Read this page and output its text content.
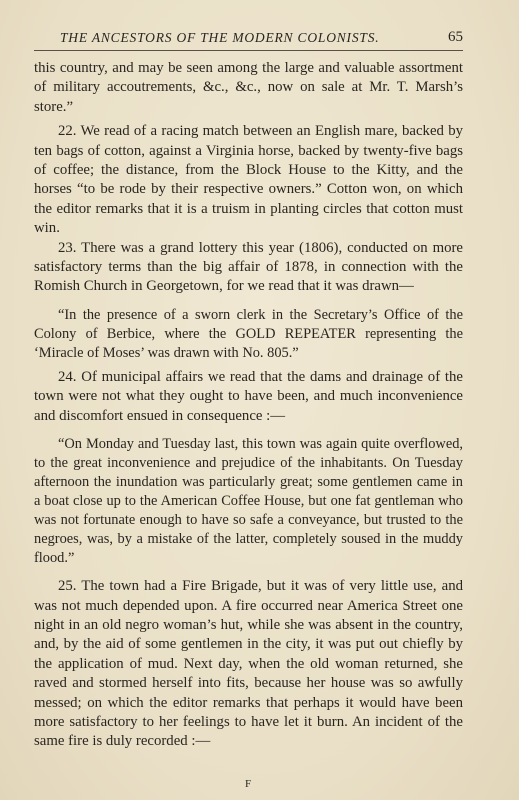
THE ANCESTORS OF THE MODERN COLONISTS.	65

this country, and may be seen among the large and valuable assortment of military accoutrements, &c., &c., now on sale at Mr. T. Marsh’s store.”

22. We read of a racing match between an English mare, backed by ten bags of cotton, against a Virginia horse, backed by twenty-five bags of coffee; the distance, from the Block House to the Kitty, and the horses “to be rode by their respective owners.” Cotton won, on which the editor remarks that it is a truism in planting circles that cotton must win.

23. There was a grand lottery this year (1806), conducted on more satisfactory terms than the big affair of 1878, in connection with the Romish Church in Georgetown, for we read that it was drawn—

“In the presence of a sworn clerk in the Secretary’s Office of the Colony of Berbice, where the GOLD REPEATER representing the ‘Miracle of Moses’ was drawn with No. 805.”

24. Of municipal affairs we read that the dams and drainage of the town were not what they ought to have been, and much inconvenience and discomfort ensued in consequence :—

“On Monday and Tuesday last, this town was again quite overflowed, to the great inconvenience and prejudice of the inhabitants. On Tuesday afternoon the inundation was particularly great; some gentlemen came in a boat close up to the American Coffee House, but one fat gentleman who was not fortunate enough to have so safe a conveyance, but trusted to the negroes, was, by a mistake of the latter, completely soused in the muddy flood.”

25. The town had a Fire Brigade, but it was of very little use, and was not much depended upon. A fire occurred near America Street one night in an old negro woman’s hut, while she was absent in the country, and, by the aid of some gentlemen in the city, it was put out chiefly by the application of mud. Next day, when the old woman returned, she raved and stormed herself into fits, because her house was so awfully messed; on which the editor remarks that perhaps it would have been more satisfactory to her feelings to have let it burn. An incident of the same fire is duly recorded :—

F
